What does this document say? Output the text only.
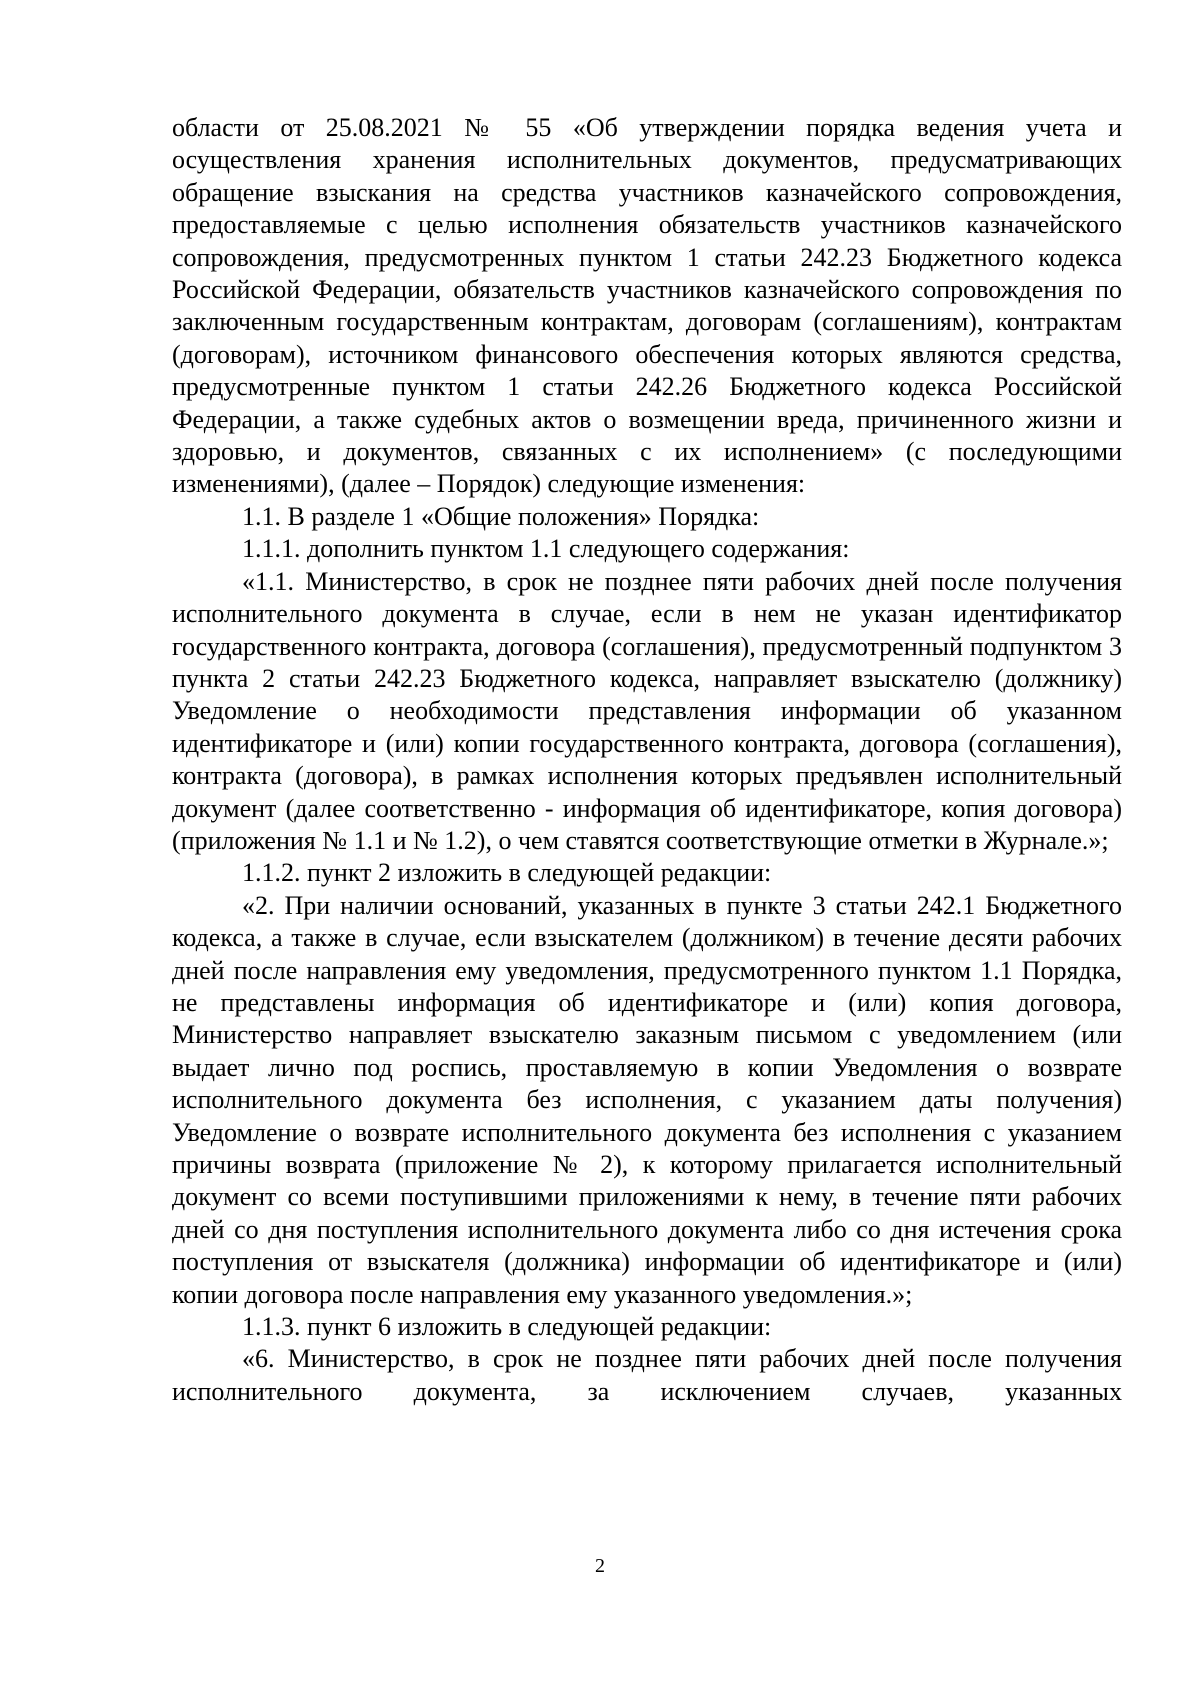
области от 25.08.2021 № 55 «Об утверждении порядка ведения учета и осуществления хранения исполнительных документов, предусматривающих обращение взыскания на средства участников казначейского сопровождения, предоставляемые с целью исполнения обязательств участников казначейского сопровождения, предусмотренных пунктом 1 статьи 242.23 Бюджетного кодекса Российской Федерации, обязательств участников казначейского сопровождения по заключенным государственным контрактам, договорам (соглашениям), контрактам (договорам), источником финансового обеспечения которых являются средства, предусмотренные пунктом 1 статьи 242.26 Бюджетного кодекса Российской Федерации, а также судебных актов о возмещении вреда, причиненного жизни и здоровью, и документов, связанных с их исполнением» (с последующими изменениями), (далее – Порядок) следующие изменения:

1.1. В разделе 1 «Общие положения» Порядка:

1.1.1. дополнить пунктом 1.1 следующего содержания:

«1.1. Министерство, в срок не позднее пяти рабочих дней после получения исполнительного документа в случае, если в нем не указан идентификатор государственного контракта, договора (соглашения), предусмотренный подпунктом 3 пункта 2 статьи 242.23 Бюджетного кодекса, направляет взыскателю (должнику) Уведомление о необходимости представления информации об указанном идентификаторе и (или) копии государственного контракта, договора (соглашения), контракта (договора), в рамках исполнения которых предъявлен исполнительный документ (далее соответственно - информация об идентификаторе, копия договора) (приложения № 1.1 и № 1.2), о чем ставятся соответствующие отметки в Журнале.»;

1.1.2. пункт 2 изложить в следующей редакции:

«2. При наличии оснований, указанных в пункте 3 статьи 242.1 Бюджетного кодекса, а также в случае, если взыскателем (должником) в течение десяти рабочих дней после направления ему уведомления, предусмотренного пунктом 1.1 Порядка, не представлены информация об идентификаторе и (или) копия договора, Министерство направляет взыскателю заказным письмом с уведомлением (или выдает лично под роспись, проставляемую в копии Уведомления о возврате исполнительного документа без исполнения, с указанием даты получения) Уведомление о возврате исполнительного документа без исполнения с указанием причины возврата (приложение № 2), к которому прилагается исполнительный документ со всеми поступившими приложениями к нему, в течение пяти рабочих дней со дня поступления исполнительного документа либо со дня истечения срока поступления от взыскателя (должника) информации об идентификаторе и (или) копии договора после направления ему указанного уведомления.»;

1.1.3. пункт 6 изложить в следующей редакции:

«6. Министерство, в срок не позднее пяти рабочих дней после получения исполнительного документа, за исключением случаев, указанных

2
